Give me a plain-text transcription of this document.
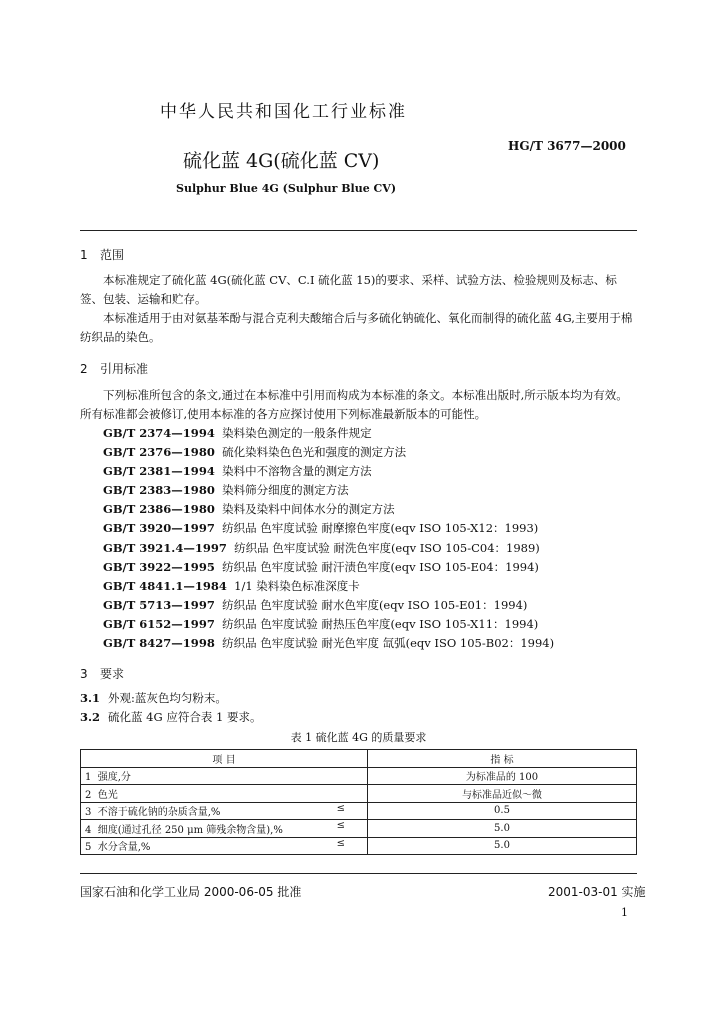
中华人民共和国化工行业标准
HG/T 3677—2000
硫化蓝 4G(硫化蓝 CV)
Sulphur Blue 4G (Sulphur Blue CV)
1 范围

本标准规定了硫化蓝 4G(硫化蓝 CV、C.I 硫化蓝 15)的要求、采样、试验方法、检验规则及标志、标签、包装、运输和贮存。

本标准适用于由对氨基苯酚与混合克利夫酸缩合后与多硫化钠硫化、氧化而制得的硫化蓝 4G,主要用于棉纺织品的染色。

2 引用标准

下列标准所包含的条文,通过在本标准中引用而构成为本标准的条文。本标准出版时,所示版本均为有效。所有标准都会被修订,使用本标准的各方应探讨使用下列标准最新版本的可能性。

GB/T 2374—1994 染料染色测定的一般条件规定
GB/T 2376—1980 硫化染料染色色光和强度的测定方法
GB/T 2381—1994 染料中不溶物含量的测定方法
GB/T 2383—1980 染料筛分细度的测定方法
GB/T 2386—1980 染料及染料中间体水分的测定方法
GB/T 3920—1997 纺织品 色牢度试验 耐摩擦色牢度(eqv ISO 105-X12：1993)
GB/T 3921.4—1997 纺织品 色牢度试验 耐洗色牢度(eqv ISO 105-C04：1989)
GB/T 3922—1995 纺织品 色牢度试验 耐汗渍色牢度(eqv ISO 105-E04：1994)
GB/T 4841.1—1984 1/1 染料染色标准深度卡
GB/T 5713—1997 纺织品 色牢度试验 耐水色牢度(eqv ISO 105-E01：1994)
GB/T 6152—1997 纺织品 色牢度试验 耐热压色牢度(eqv ISO 105-X11：1994)
GB/T 8427—1998 纺织品 色牢度试验 耐光色牢度 氙弧(eqv ISO 105-B02：1994)
3 要求
3.1 外观:蓝灰色均匀粉末。
3.2 硫化蓝 4G 应符合表 1 要求。
表 1 硫化蓝 4G 的质量要求
项 目	指 标
1 强度,分	为标准品的 100
2 色光	与标准品近似～微
3 不溶于硫化钠的杂质含量,% ≤	0.5
4 细度(通过孔径 250 μm 筛残余物含量),% ≤	5.0
5 水分含量,% ≤	5.0
国家石油和化学工业局 2000-06-05 批准	2001-03-01 实施
1
